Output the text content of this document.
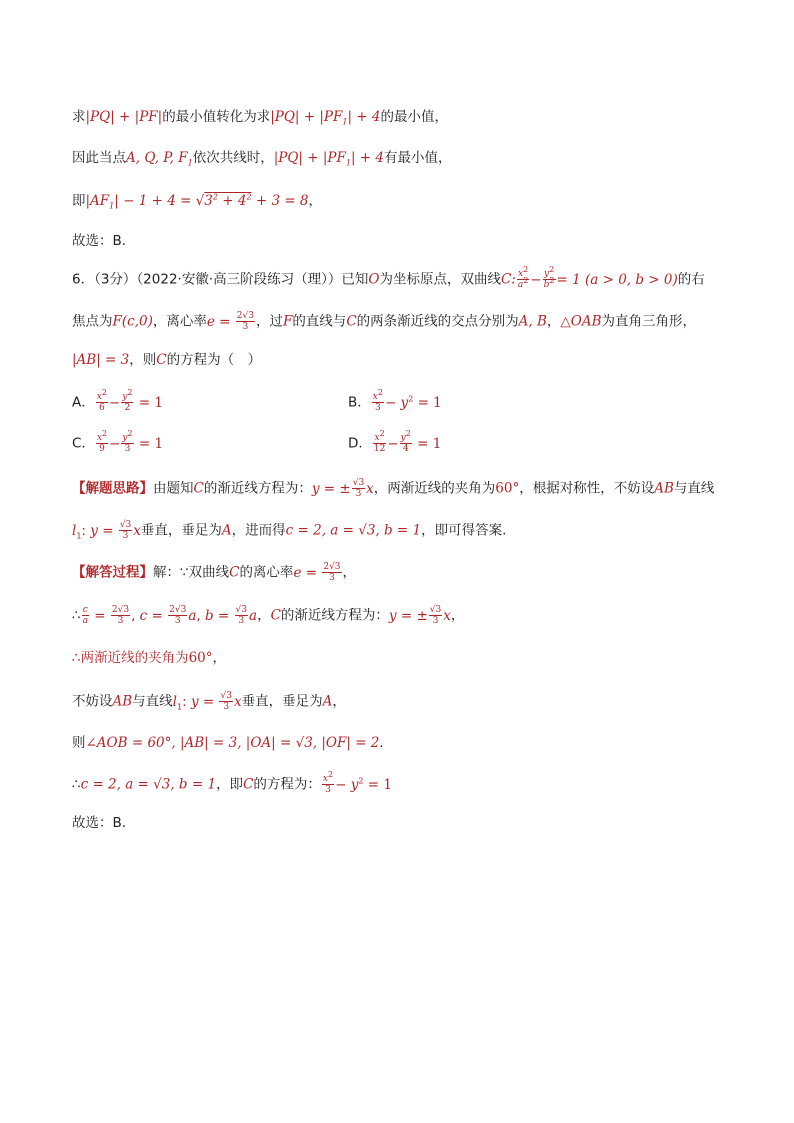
求|PQ| + |PF|的最小值转化为求$|PQ| + |PF_1| + 4$的最小值，
因此当点A, Q, P, $F_1$依次共线时，$|PQ| + |PF_1| + 4$有最小值，
即$|AF_1| - 1 + 4 = √3^2 + 4^2 + 3 = 8$，
故选：B.
6．（3分）（2022·安徽·高三阶段练习（理））已知O为坐标原点，双曲线C: $\frac{x^2}{a^2} - \frac{y^2}{b^2} = 1$ (a > 0, b > 0)的右
焦点为F(c,0)，离心率$e = \frac{2√3}{3}$ ，过F的直线与C的两条渐近线的交点分别为A, B，△OAB为直角三角形，
|AB| = 3，则C的方程为（　）
A． $\frac{x^2}{6} - \frac{y^2}{2} = 1$	B． $\frac{x^2}{3} - y^2 = 1$
C． $\frac{x^2}{9} - \frac{y^2}{3} = 1$	D． $\frac{x^2}{12} - \frac{y^2}{4} = 1$
【解题思路】由题知C的渐近线方程为：y = ± $\frac{√3}{3}$ x，两渐近线的夹角为60°，根据对称性，不妨设AB与直线
$l_1$: $y = \frac{√3}{3}$ x垂直，垂足为A，进而得c = 2, a = √3, b = 1，即可得答案.
【解答过程】解：∵双曲线C的离心率$e = \frac{2√3}{3}$ ，
∴ $\frac{c}{a} = \frac{2√3}{3}$ , $c = \frac{2√3}{3} a$, $b = \frac{√3}{3}$ a，C的渐近线方程为：y = ± $\frac{√3}{3}$ x，
∴两渐近线的夹角为60°，
不妨设AB与直线$l_1$: $y = \frac{√3}{3}$ x垂直，垂足为A，
则∠AOB = 60°, |AB| = 3, |OA| = √3, |OF| = 2.
∴c = 2, a = √3, b = 1，即C的方程为： $\frac{x^2}{3} - y^2 = 1$
故选：B.
